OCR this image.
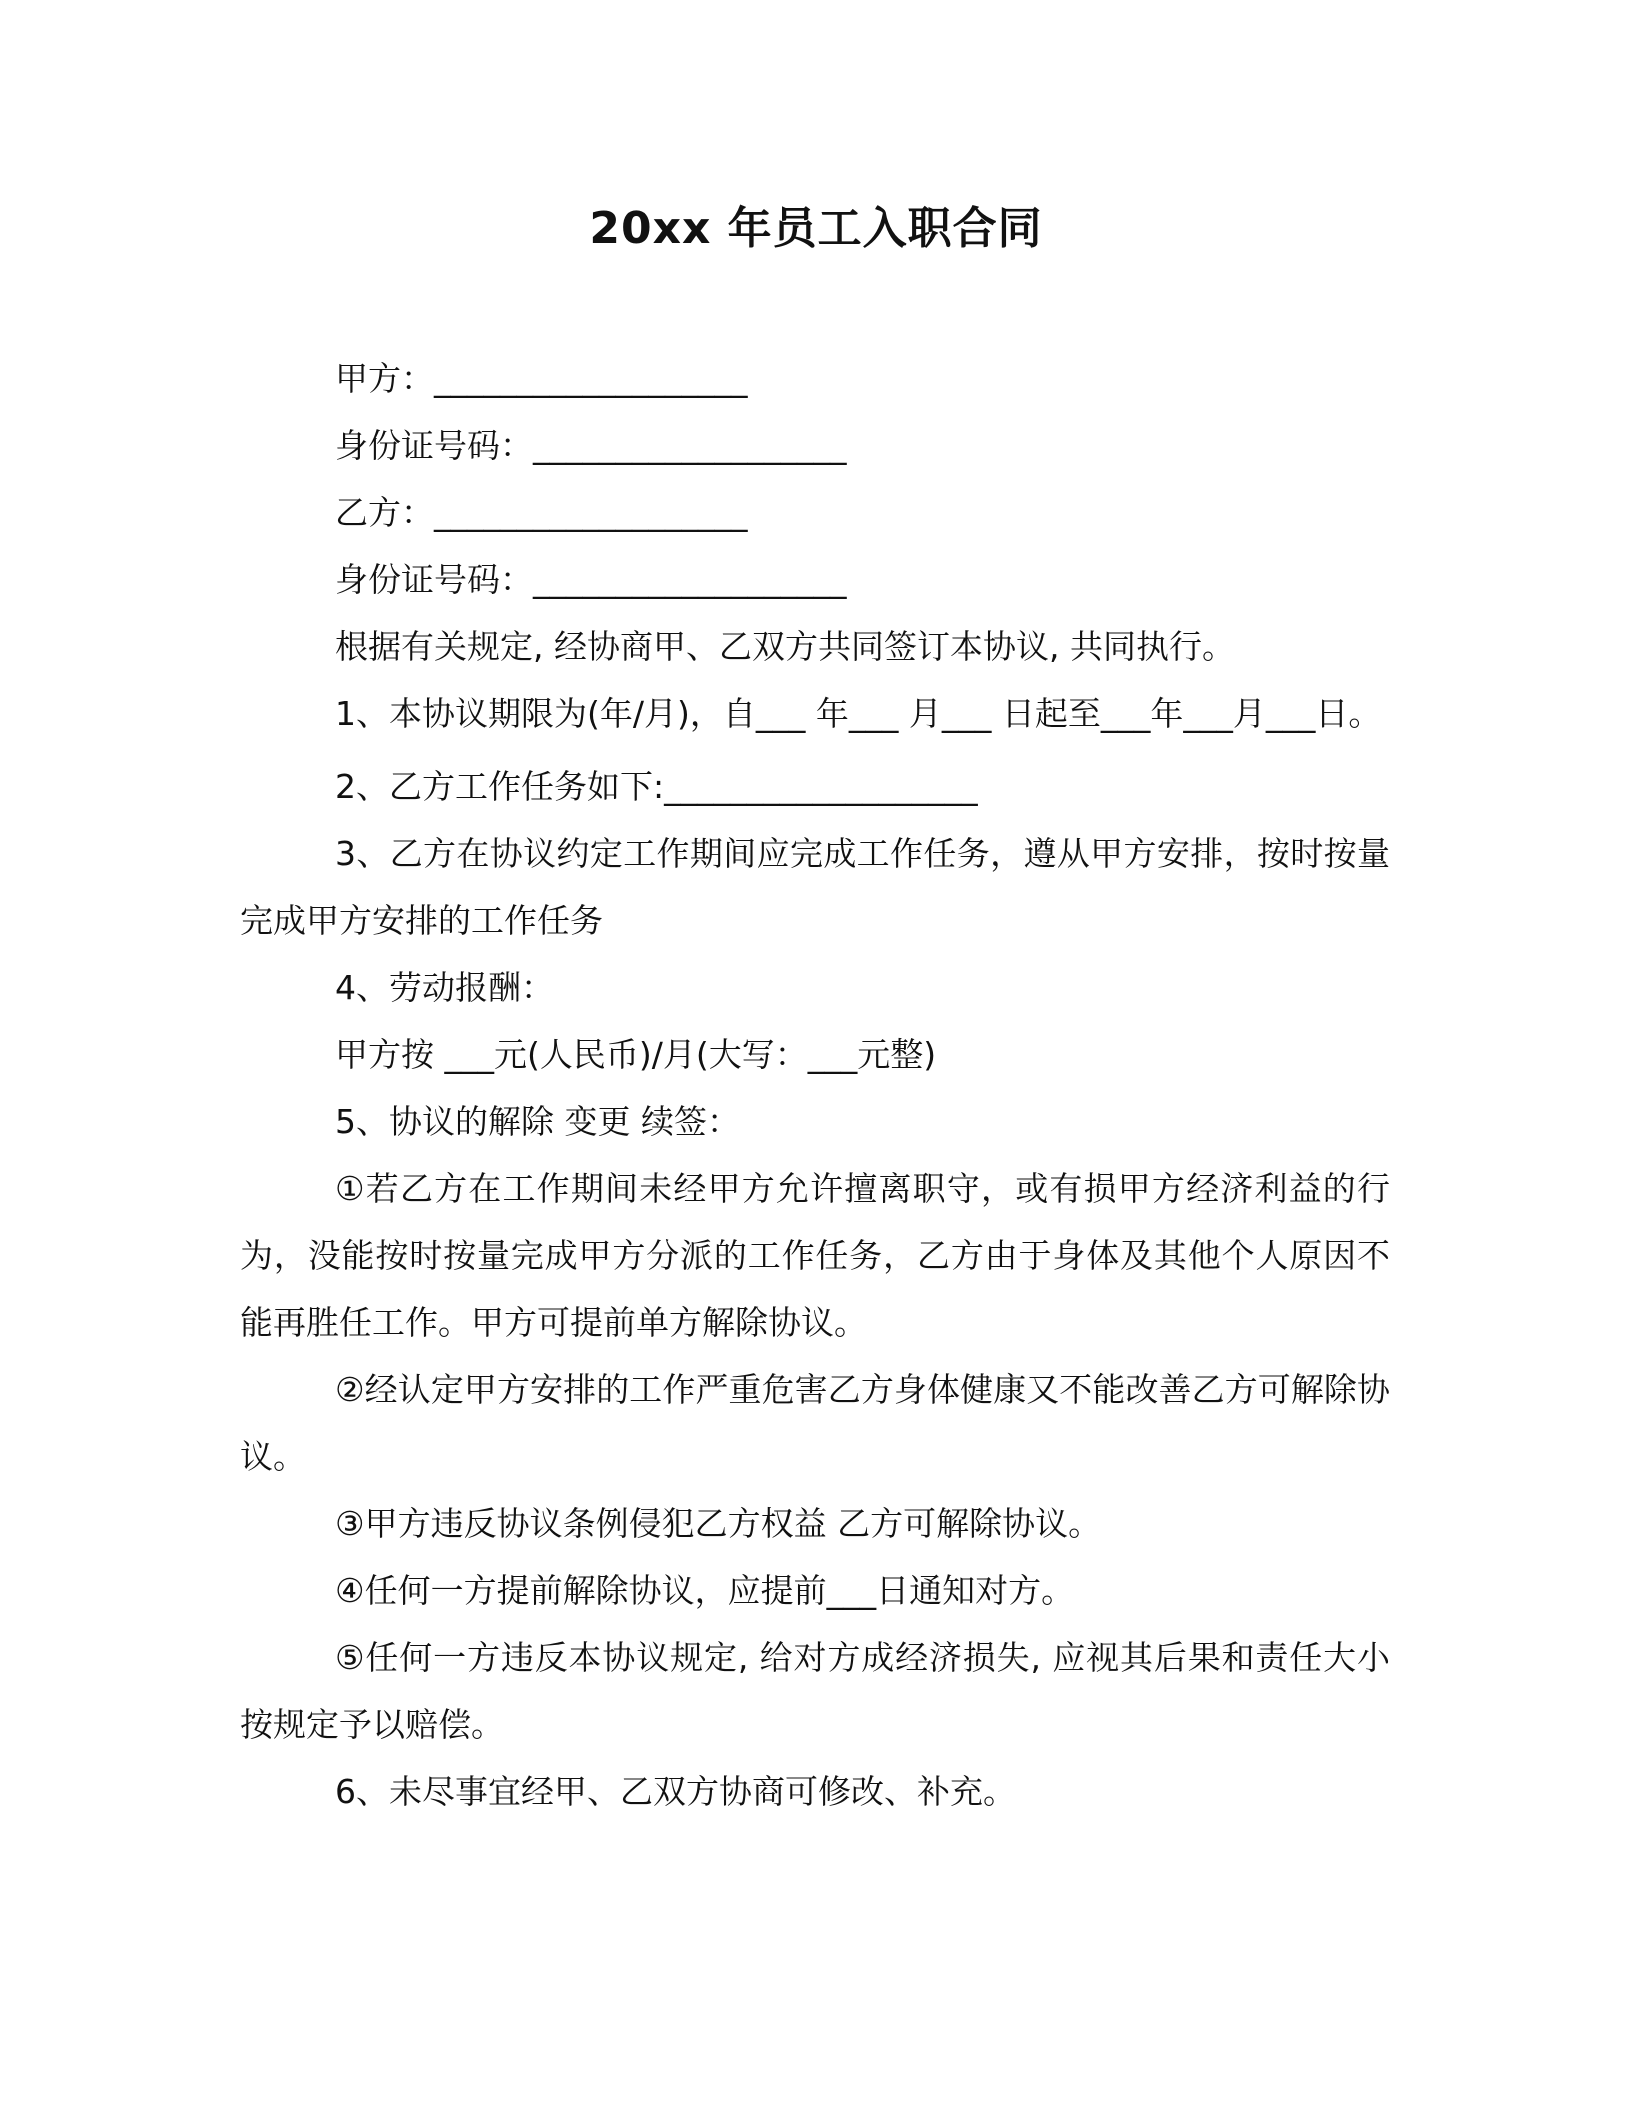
20xx 年员工入职合同
甲方：___________________
身份证号码：___________________
乙方：___________________
身份证号码：___________________
根据有关规定, 经协商甲、乙双方共同签订本协议, 共同执行。
1、本协议期限为(年/月)，自___ 年___ 月___ 日起至___年___月___日。
2、乙方工作任务如下:___________________
3、乙方在协议约定工作期间应完成工作任务，遵从甲方安排，按时按量完成甲方安排的工作任务
4、劳动报酬：
甲方按 ___元(人民币)/月(大写：___元整)
5、协议的解除 变更 续签：
①若乙方在工作期间未经甲方允许擅离职守，或有损甲方经济利益的行为，没能按时按量完成甲方分派的工作任务，乙方由于身体及其他个人原因不能再胜任工作。甲方可提前单方解除协议。
②经认定甲方安排的工作严重危害乙方身体健康又不能改善乙方可解除协议。
③甲方违反协议条例侵犯乙方权益 乙方可解除协议。
④任何一方提前解除协议，应提前___日通知对方。
⑤任何一方违反本协议规定, 给对方成经济损失, 应视其后果和责任大小按规定予以赔偿。
6、未尽事宜经甲、乙双方协商可修改、补充。
